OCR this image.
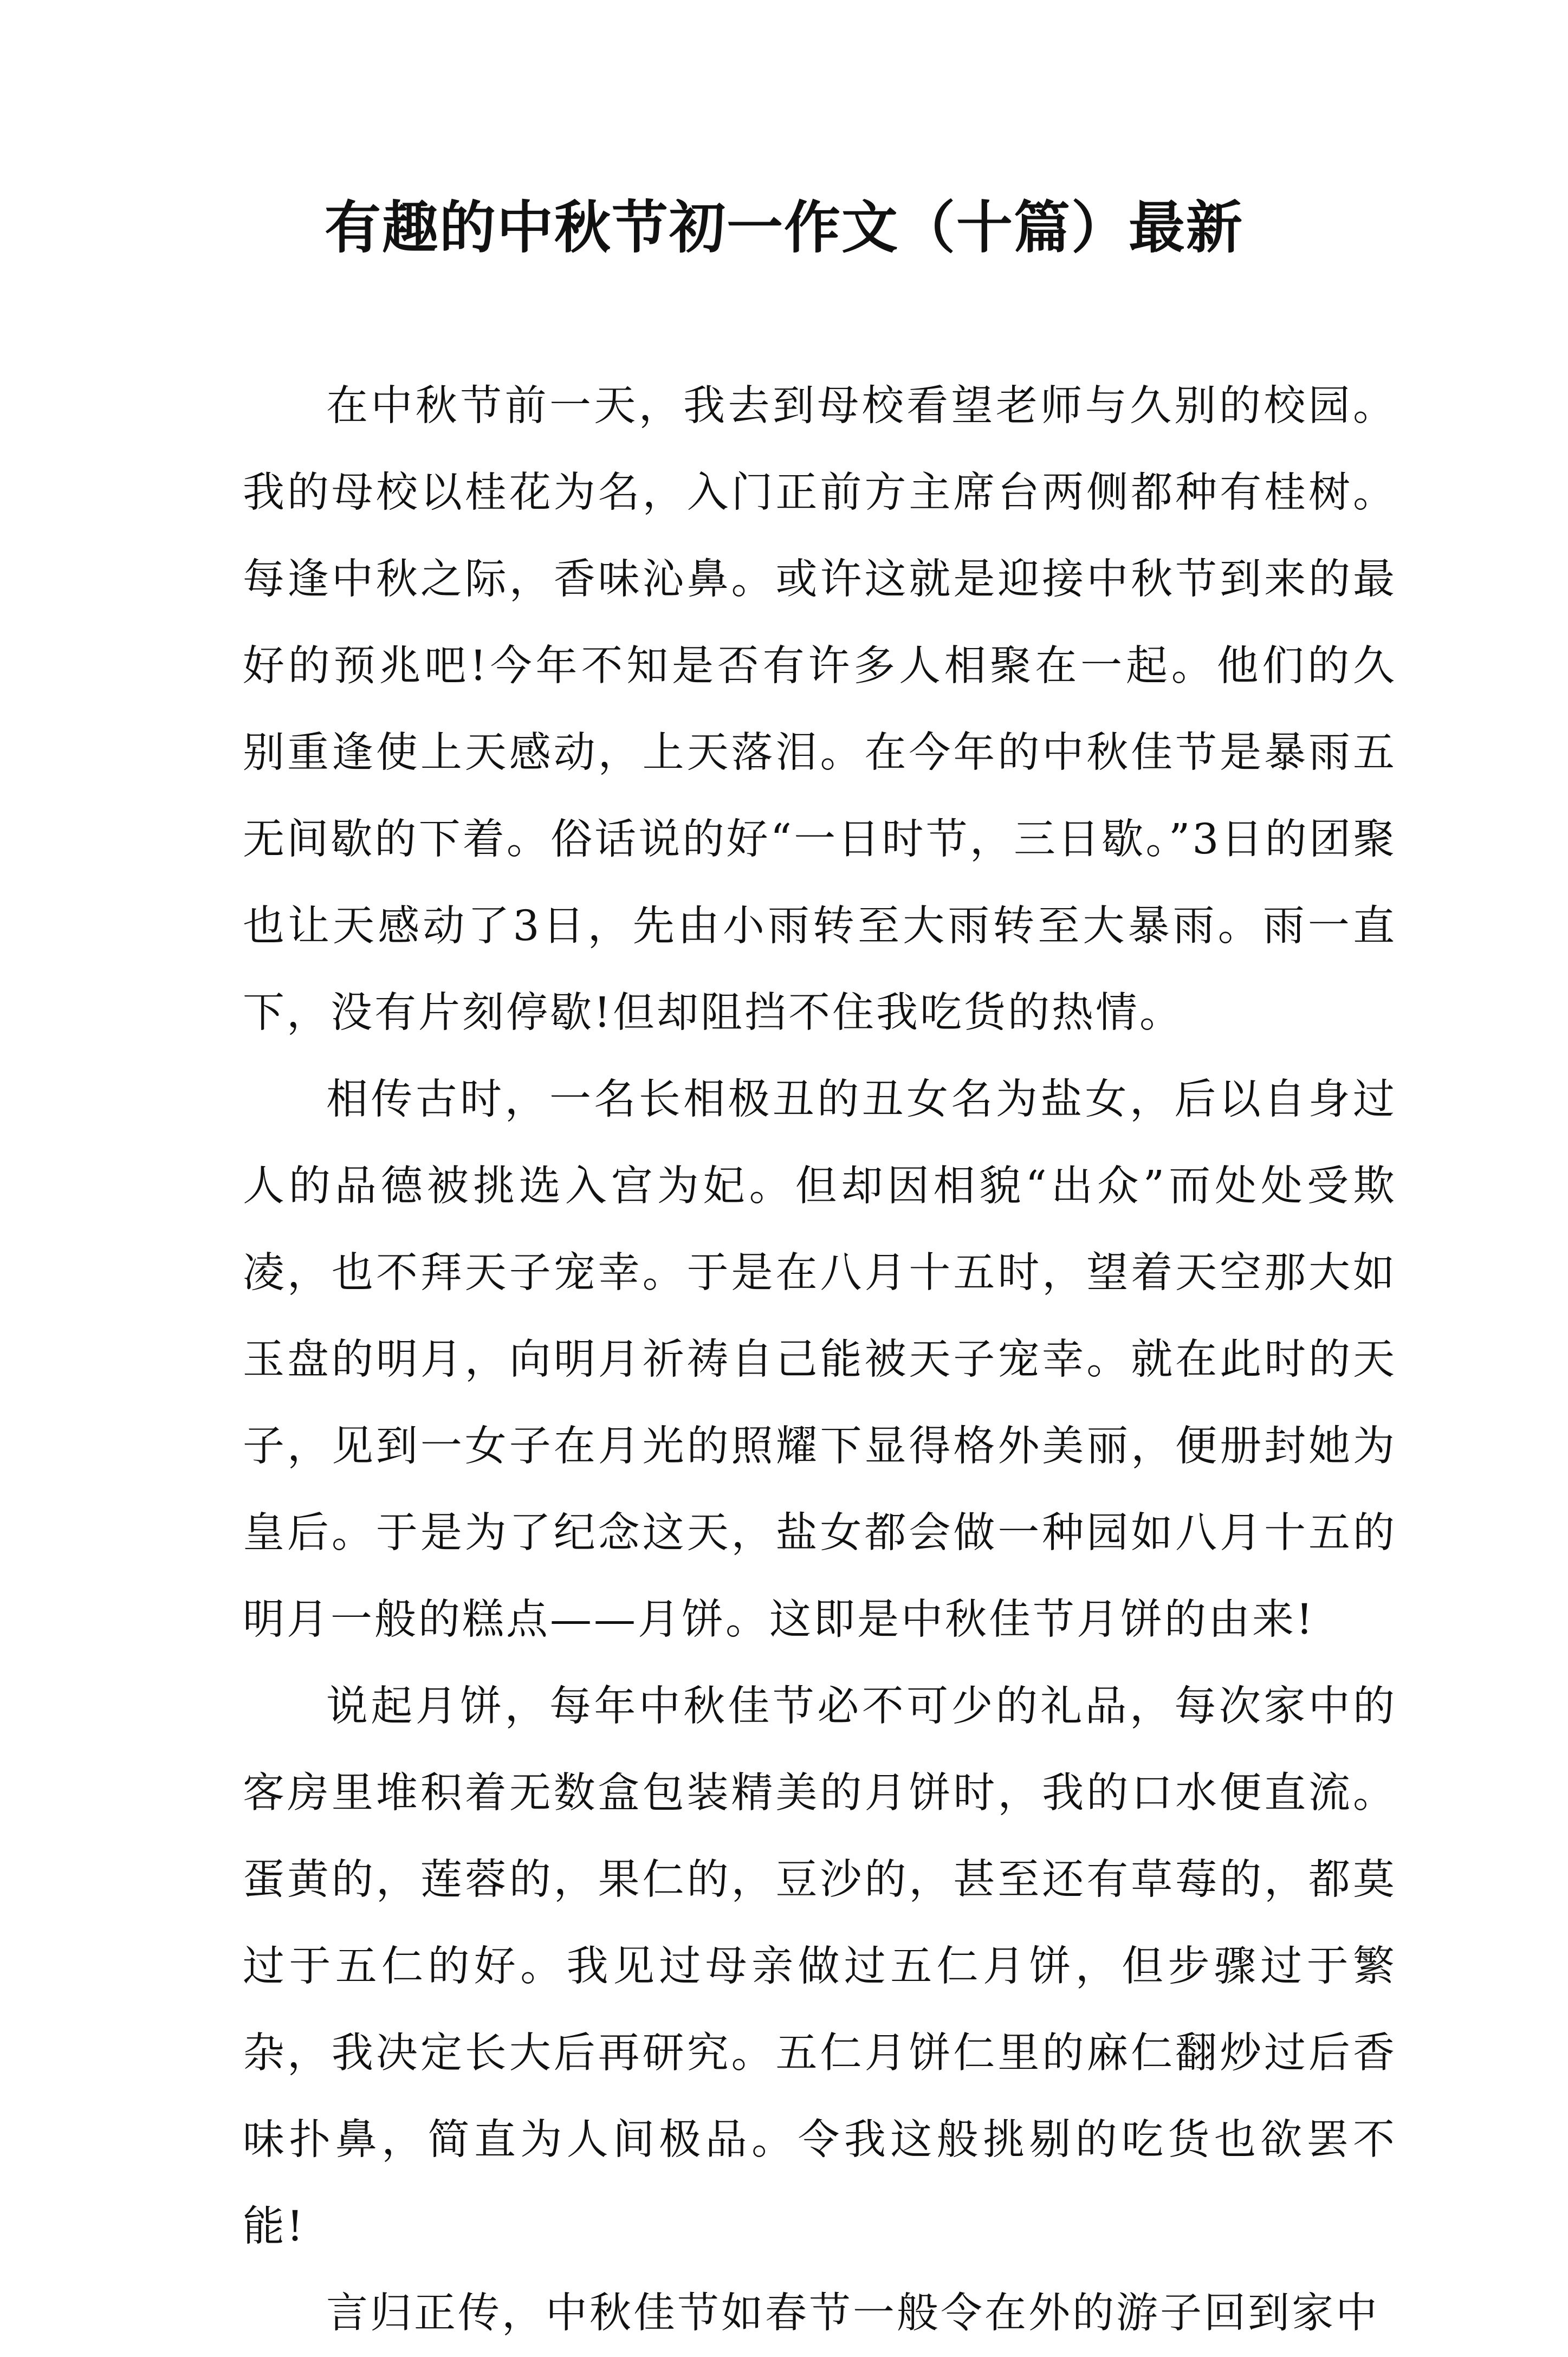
有趣的中秋节初一作文（十篇）最新

在中秋节前一天，我去到母校看望老师与久别的校园。我的母校以桂花为名，入门正前方主席台两侧都种有桂树。每逢中秋之际，香味沁鼻。或许这就是迎接中秋节到来的最好的预兆吧!今年不知是否有许多人相聚在一起。他们的久别重逢使上天感动，上天落泪。在今年的中秋佳节是暴雨五无间歇的下着。俗话说的好“一日时节，三日歇。”3日的团聚也让天感动了3日，先由小雨转至大雨转至大暴雨。雨一直下，没有片刻停歇!但却阻挡不住我吃货的热情。

相传古时，一名长相极丑的丑女名为盐女，后以自身过人的品德被挑选入宫为妃。但却因相貌“出众”而处处受欺凌，也不拜天子宠幸。于是在八月十五时，望着天空那大如玉盘的明月，向明月祈祷自己能被天子宠幸。就在此时的天子，见到一女子在月光的照耀下显得格外美丽，便册封她为皇后。于是为了纪念这天，盐女都会做一种园如八月十五的明月一般的糕点——月饼。这即是中秋佳节月饼的由来!

说起月饼，每年中秋佳节必不可少的礼品，每次家中的客房里堆积着无数盒包装精美的月饼时，我的口水便直流。蛋黄的，莲蓉的，果仁的，豆沙的，甚至还有草莓的，都莫过于五仁的好。我见过母亲做过五仁月饼，但步骤过于繁杂，我决定长大后再研究。五仁月饼仁里的麻仁翻炒过后香味扑鼻，简直为人间极品。令我这般挑剔的吃货也欲罢不能!

言归正传，中秋佳节如春节一般令在外的游子回到家中
